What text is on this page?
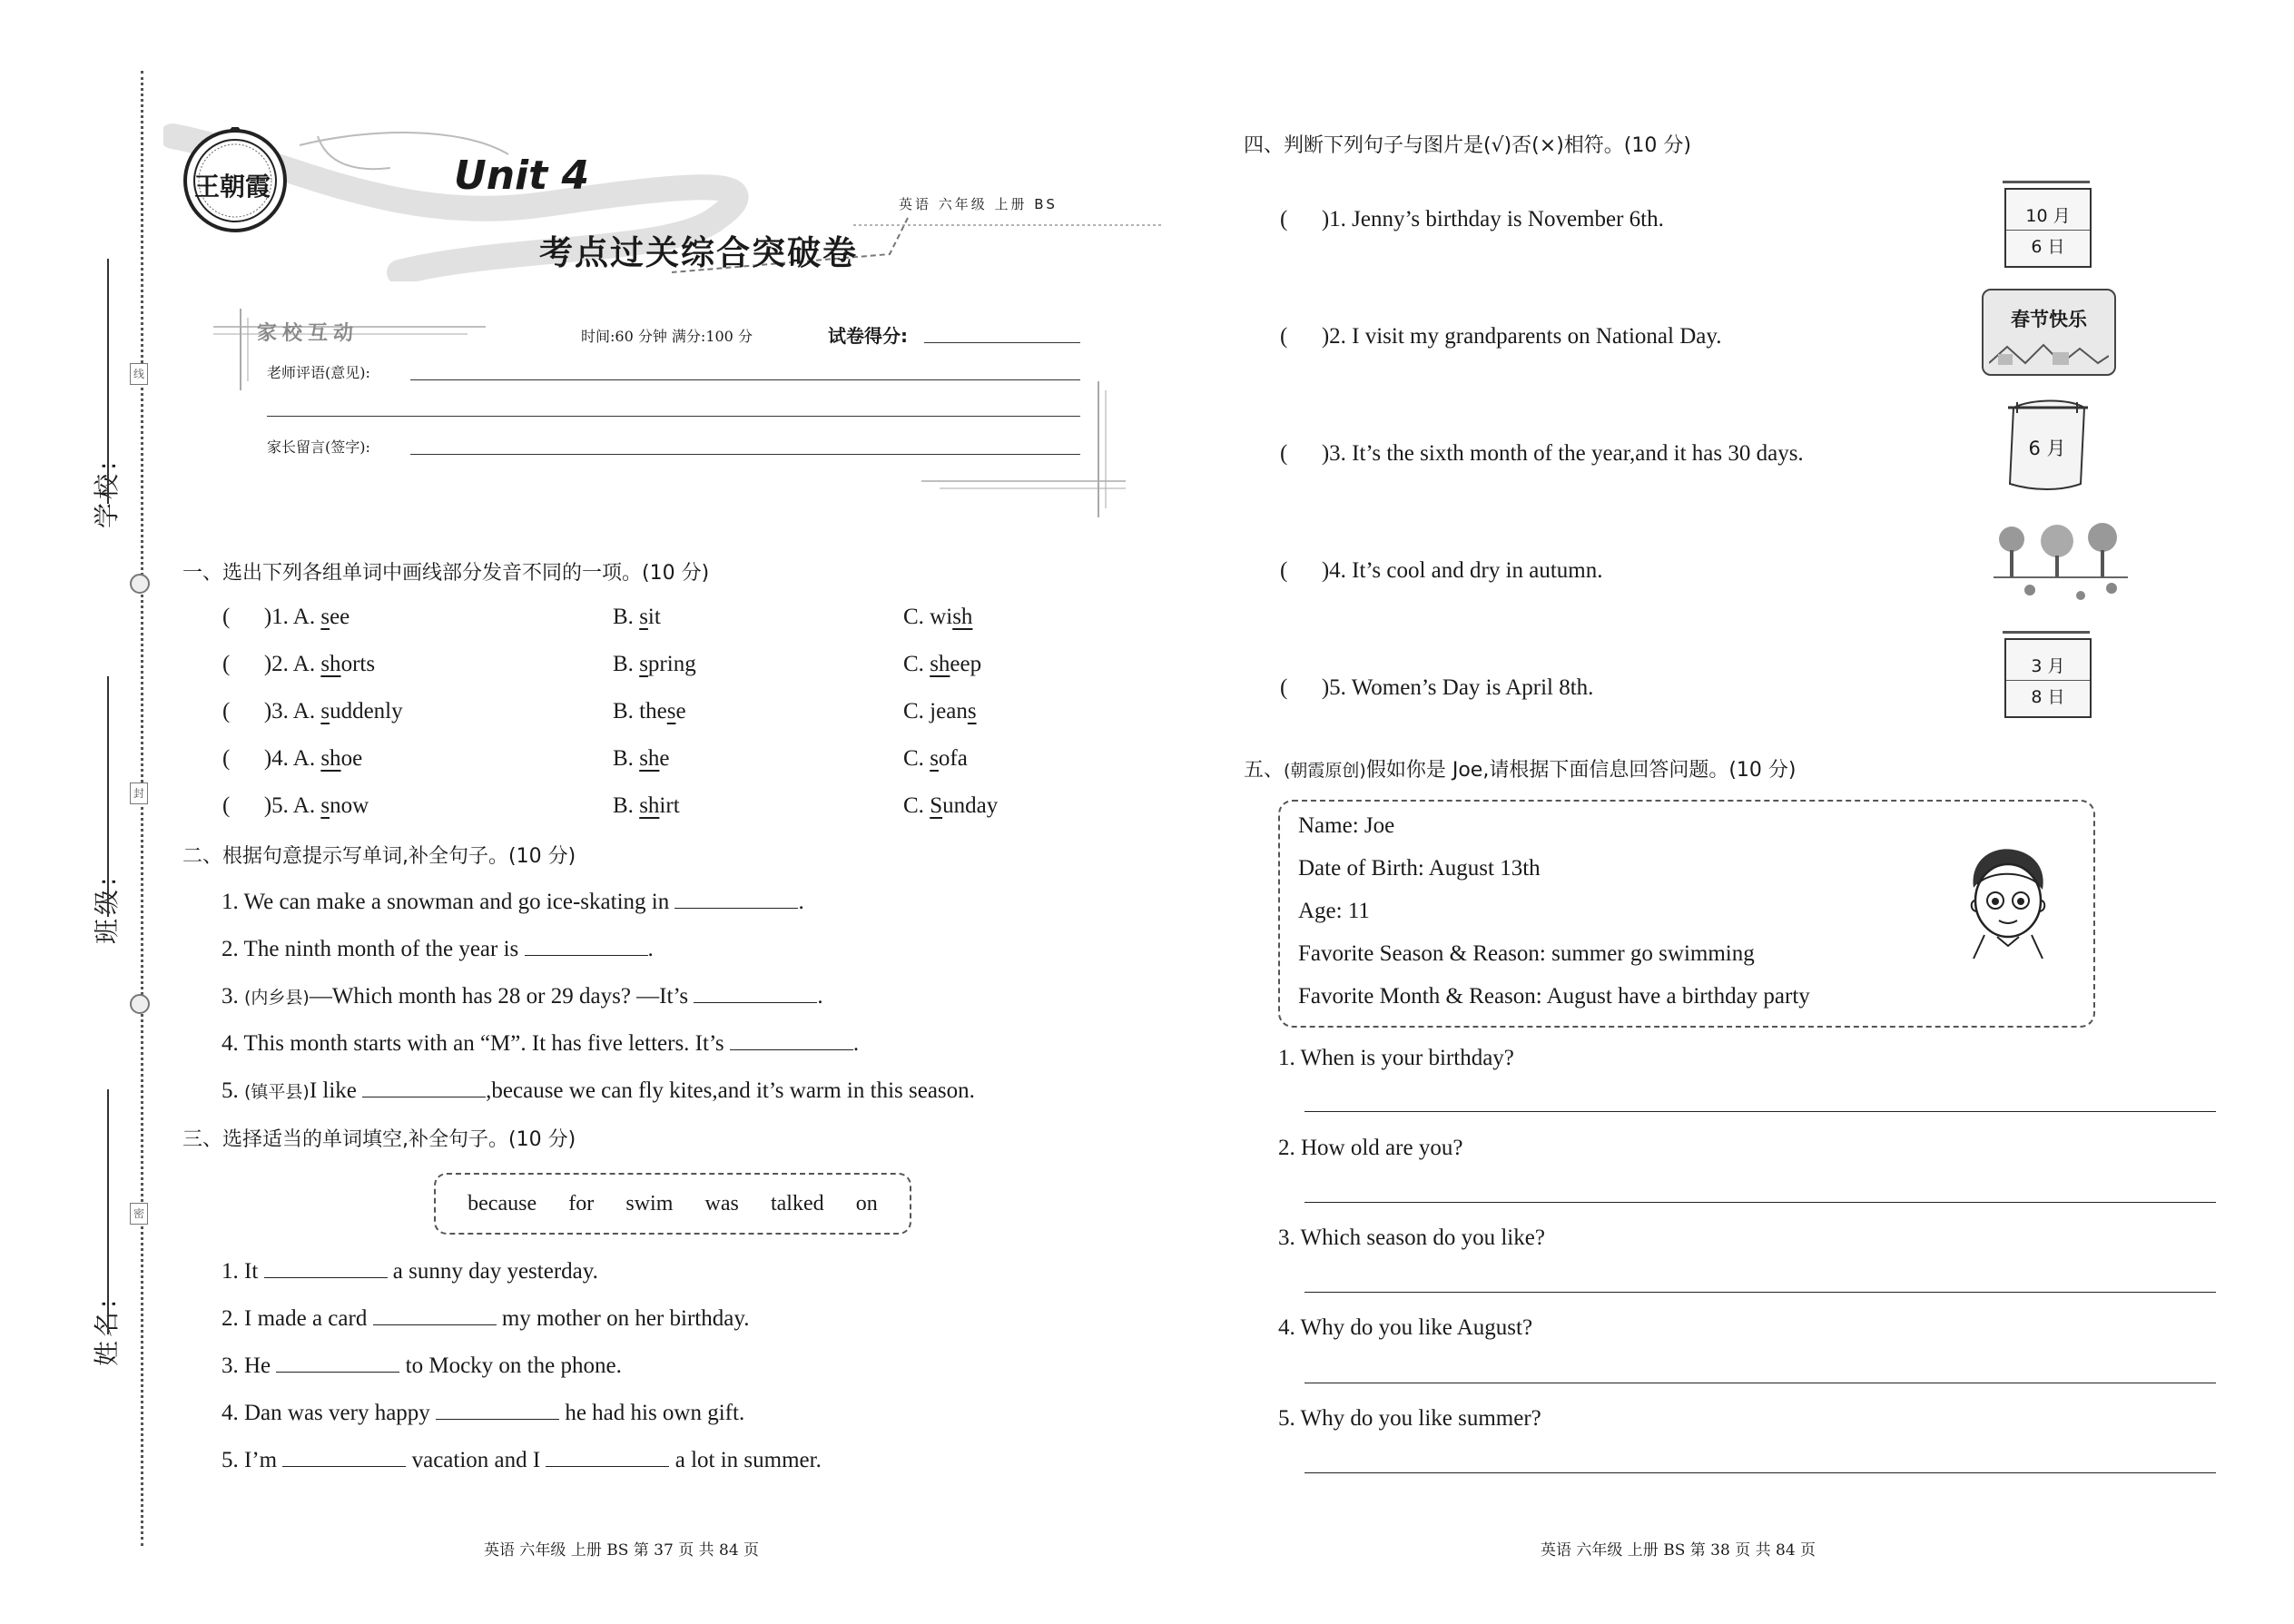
学校:
班级:
姓名:
线
封
密
王朝霞	Unit 4
考点过关综合突破卷
英语 六年级 上册 BS
家校互动	时间:60 分钟 满分:100 分	试卷得分:
老师评语(意见):
家长留言(签字):
一、选出下列各组单词中画线部分发音不同的一项。(10 分)
( )1. A. see	B. sit	C. wish
( )2. A. shorts	B. spring	C. sheep
( )3. A. suddenly	B. these	C. jeans
( )4. A. shoe	B. she	C. sofa
( )5. A. snow	B. shirt	C. Sunday
二、根据句意提示写单词,补全句子。(10 分)
1. We can make a snowman and go ice-skating in	.
2. The ninth month of the year is	.
3. (内乡县)—Which month has 28 or 29 days? —It’s	.
4. This month starts with an “M”. It has five letters. It’s	.
5. (镇平县)I like	,because we can fly kites,and it’s warm in this season.
三、选择适当的单词填空,补全句子。(10 分)
because for swim was talked on
1. It	a sunny day yesterday.
2. I made a card	my mother on her birthday.
3. He	to Mocky on the phone.
4. Dan was very happy	he had his own gift.
5. I’m	vacation and I	a lot in summer.
四、判断下列句子与图片是(√)否(×)相符。(10 分)
( )1. Jenny’s birthday is November 6th.
( )2. I visit my grandparents on National Day.
( )3. It’s the sixth month of the year,and it has 30 days.
( )4. It’s cool and dry in autumn.
( )5. Women’s Day is April 8th.
10 月
6 日
春节快乐
6 月
3 月
8 日
五、(朝霞原创)假如你是 Joe,请根据下面信息回答问题。(10 分)
Name: Joe
Date of Birth: August 13th
Age: 11
Favorite Season & Reason: summer go swimming
Favorite Month & Reason: August have a birthday party
1. When is your birthday?
2. How old are you?
3. Which season do you like?
4. Why do you like August?
5. Why do you like summer?
英语 六年级 上册 BS 第 37 页 共 84 页	英语 六年级 上册 BS 第 38 页 共 84 页
